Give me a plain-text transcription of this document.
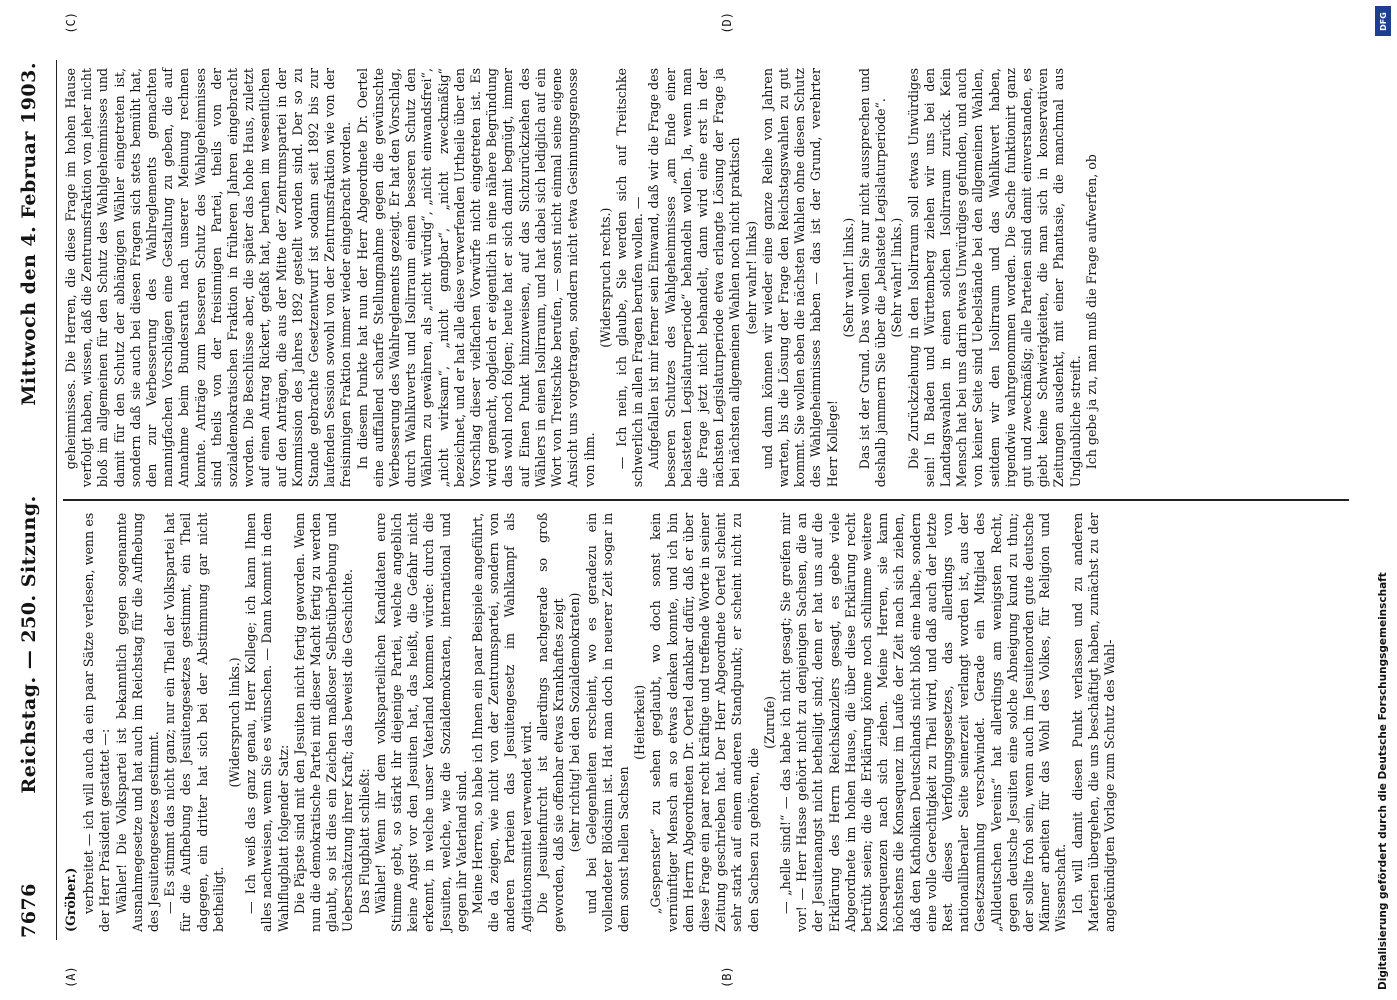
7676
Reichstag. — 250. Sitzung.
Mittwoch den 4. Februar 1903.
(Gröber.) verbreitet — ich will auch da ein paar Sätze verlesen, wenn es der Herr Präsident gestattet —: Wähler! Die Volkspartei ist bekanntlich gegen sogenannte Ausnahmegesetze und hat auch im Reichstag für die Aufhebung des Jesuitengesetzes gestimmt. — Es stimmt das nicht ganz; nur ein Theil der Volkspartei hat für die Aufhebung des Jesuitengesetzes gestimmt, ein Theil dagegen, ein dritter hat sich bei der Abstimmung gar nicht betheiligt.

(Widerspruch links.) — Ich weiß das ganz genau, Herr Kollege; ich kann Ihnen alles nachweisen, wenn Sie es wünschen. — Dann kommt in dem Wahlflugblatt folgender Satz: Die Päpste sind mit den Jesuiten nicht fertig geworden. Wenn nun die demokratische Partei mit dieser Macht fertig zu werden glaubt, so ist dies ein Zeichen maßloser Selbstüberhebung und Ueberschätzung ihrer Kraft; das beweist die Geschichte. Das Flugblatt schließt: Wähler! Wenn ihr dem volksparteilichen Kandidaten eure Stimme gebt, so stärkt ihr diejenige Partei, welche angeblich keine Angst vor den Jesuiten hat, das heißt, die Gefahr nicht erkennt, in welche unser Vaterland kommen würde: durch die Jesuiten, welche, wie die Sozialdemokraten, international und gegen ihr Vaterland sind. Meine Herren, so habe ich Ihnen ein paar Beispiele angeführt, die da zeigen, wie nicht von der Zentrumspartei, sondern von anderen Parteien das Jesuitengesetz im Wahlkampf als Agitationsmittel verwendet wird. Die Jesuitenfurcht ist allerdings nachgerade so groß geworden, daß sie offenbar etwas Krankhaftes zeigt (sehr richtig! bei den Sozialdemokraten) und bei Gelegenheiten erscheint, wo es geradezu ein vollendeter Blödsinn ist. Hat man doch in neuerer Zeit sogar in dem sonst hellen Sachsen

(Heiterkeit) „Gespenster“ zu sehen geglaubt, wo doch sonst kein vernünftiger Mensch an so etwas denken konnte, und ich bin dem Herrn Abgeordneten Dr. Oertel dankbar dafür, daß er über diese Frage ein paar recht kräftige und treffende Worte in seiner Zeitung geschrieben hat. Der Herr Abgeordnete Oertel scheint sehr stark auf einem anderen Standpunkt; er scheint nicht zu den Sachsen zu gehören, die

(Zurufe) — „helle sind!“ — das habe ich nicht gesagt; Sie greifen mir vor! — Herr Hasse gehört nicht zu denjenigen Sachsen, die an der Jesuitenangst nicht betheiligt sind; denn er hat uns auf die Erklärung des Herrn Reichskanzlers gesagt, es gebe viele Abgeordnete im hohen Hause, die über diese Erklärung recht betrübt seien; die die Erklärung könne noch schlimme weitere Konsequenzen nach sich ziehen. Meine Herren, sie kann höchstens die Konsequenz im Laufe der Zeit nach sich ziehen, daß den Katholiken Deutschlands nicht bloß eine halbe, sondern eine volle Gerechtigkeit zu Theil wird, und daß auch der letzte Rest dieses Verfolgungsgesetzes, das allerdings von nationalliberaler Seite seinerzeit verlangt worden ist, aus der Gesetzsammlung verschwindet. Gerade ein Mitglied des „Alldeutschen Vereins“ hat allerdings am wenigsten Recht, gegen deutsche Jesuiten eine solche Abneigung kund zu thun; der sollte froh sein, wenn auch im Jesuitenorden gute deutsche Männer arbeiten für das Wohl des Volkes, für Religion und Wissenschaft. Ich will damit diesen Punkt verlassen und zu anderen Materien übergehen, die uns beschäftigt haben, zunächst zu der angekündigten Vorlage zum Schutz des Wahl-

geheimnisses. Die Herren, die diese Frage im hohen Hause verfolgt haben, wissen, daß die Zentrumsfraktion von jeher nicht bloß im allgemeinen für den Schutz des Wahlgeheimnisses und damit für den Schutz der abhängigen Wähler eingetreten ist, sondern daß sie auch bei diesen Fragen sich stets bemüht hat, den zur Verbesserung des Wahlreglements gemachten mannigfachen Vorschlägen eine Gestaltung zu geben, die auf Annahme beim Bundesrath nach unserer Meinung rechnen konnte. Anträge zum besseren Schutz des Wahlgeheimnisses sind theils von der freisinnigen Partei, theils von der sozialdemokratischen Fraktion in früheren Jahren eingebracht worden. Die Beschlüsse aber, die später das hohe Haus, zuletzt auf einen Antrag Rickert, gefaßt hat, beruhen im wesentlichen auf den Anträgen, die aus der Mitte der Zentrumspartei in der Kommission des Jahres 1892 gestellt worden sind. Der so zu Stande gebrachte Gesetzentwurf ist sodann seit 1892 bis zur laufenden Session sowohl von der Zentrumsfraktion wie von der freisinnigen Fraktion immer wieder eingebracht worden. In diesem Punkte hat nun der Herr Abgeordnete Dr. Oertel eine auffallend scharfe Stellungnahme gegen die gewünschte Verbesserung des Wahlreglements gezeigt. Er hat den Vorschlag, durch Wahlkuverts und Isolirraum einen besseren Schutz den Wählern zu gewähren, als „nicht würdig“, „nicht einwandsfrei“, „nicht wirksam“, „nicht gangbar“, „nicht zweckmäßig“ bezeichnet, und er hat alle diese verwerfenden Urtheile über den Vorschlag dieser vielfachen Vorwürfe nicht eingetreten ist. Es wird gemacht, obgleich er eigentlich in eine nähere Begründung das wohl noch folgen; heute hat er sich damit begnügt, immer auf Einen Punkt hinzuweisen, auf das Sichzurückziehen des Wählers in einen Isolirraum, und hat dabei sich lediglich auf ein Wort von Treitschke berufen, — sonst nicht einmal seine eigene Ansicht uns vorgetragen, sondern nicht etwa Gesinnungsgenosse von ihm.

(Widerspruch rechts.) — Ich nein, ich glaube, Sie werden sich auf Treitschke schwerlich in allen Fragen berufen wollen. — Aufgefallen ist mir ferner sein Einwand, daß wir die Frage des besseren Schutzes des Wahlgeheimnisses „am Ende einer belasteten Legislaturperiode“ behandeln wollen. Ja, wenn man die Frage jetzt nicht behandelt, dann wird eine erst in der nächsten Legislaturperiode etwa erlangte Lösung der Frage ja bei nächsten allgemeinen Wahlen noch nicht praktisch (sehr wahr! links) und dann können wir wieder eine ganze Reihe von Jahren warten, bis die Lösung der Frage den Reichstagswahlen zu gut kommt. Sie wollen eben die nächsten Wahlen ohne diesen Schutz des Wahlgeheimnisses haben — das ist der Grund, verehrter Herr Kollege!

(Sehr wahr! links.) Das ist der Grund. Das wollen Sie nur nicht aussprechen und deshalb jammern Sie über die „belastete Legislaturperiode“. (Sehr wahr! links.) Die Zurückziehung in den Isolirraum soll etwas Unwürdiges sein! In Baden und Württemberg ziehen wir uns bei den Landtagswahlen in einen solchen Isolirraum zurück. Kein Mensch hat bei uns darin etwas Unwürdiges gefunden, und auch von keiner Seite sind Uebelstände bei den allgemeinen Wahlen, seitdem wir den Isolirraum und das Wahlkuvert haben, irgendwie wahrgenommen worden. Die Sache funktionirt ganz gut und zweckmäßig; alle Parteien sind damit einverstanden, es giebt keine Schwierigkeiten, die man sich in konservativen Zeitungen ausdenkt, mit einer Phantasie, die manchmal aus Unglaubliche streift. Ich gebe ja zu, man muß die Frage aufwerfen, ob

(A)	(B)
(C)	(D)	DFG
Digitalisierung gefördert durch die Deutsche Forschungsgemeinschaft
